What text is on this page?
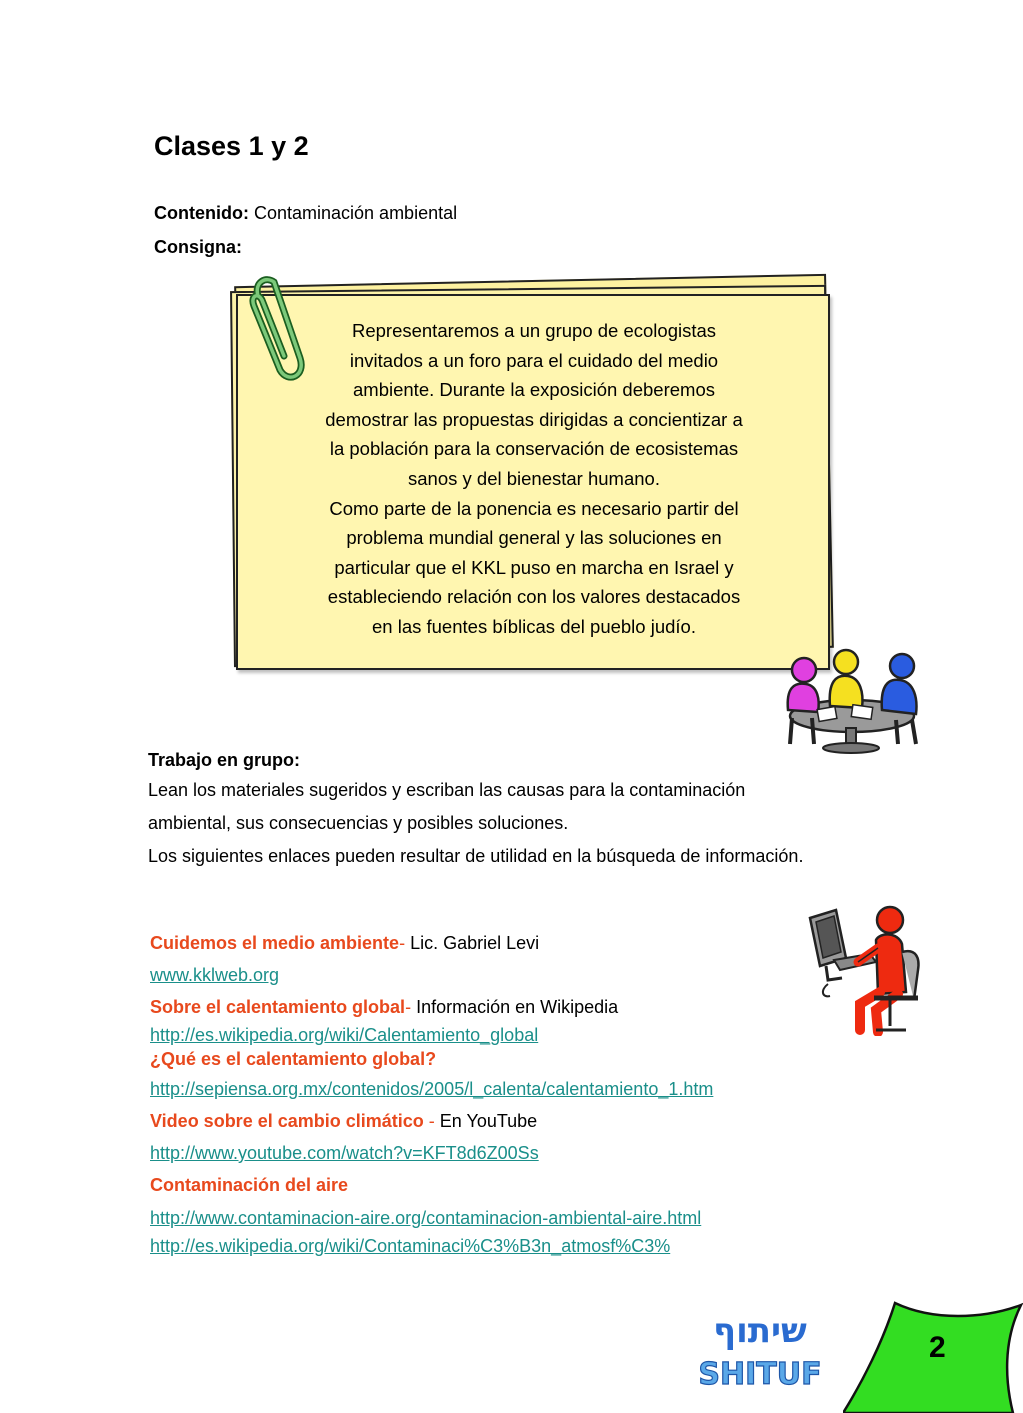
Clases 1 y 2
Contenido: Contaminación ambiental
Consigna:
Representaremos a un grupo de ecologistas
invitados a un foro para el cuidado del medio
ambiente. Durante la exposición deberemos
demostrar las propuestas dirigidas a concientizar a
la población para la conservación de ecosistemas
sanos y del bienestar humano.
Como parte de la ponencia es necesario partir del
problema mundial general y las soluciones en
particular que el KKL puso en marcha en Israel y
estableciendo relación con los valores destacados
en las fuentes bíblicas del pueblo judío.
Trabajo en grupo:
Lean los materiales sugeridos y escriban las causas para la contaminación
ambiental, sus consecuencias y posibles soluciones.
Los siguientes enlaces pueden resultar de utilidad en la búsqueda de información.
Cuidemos el medio ambiente- Lic. Gabriel Levi
www.kklweb.org
Sobre el calentamiento global- Información en Wikipedia
http://es.wikipedia.org/wiki/Calentamiento_global
¿Qué es el calentamiento global?
http://sepiensa.org.mx/contenidos/2005/l_calenta/calentamiento_1.htm
Video sobre el cambio climático - En YouTube
http://www.youtube.com/watch?v=KFT8d6Z00Ss
Contaminación del aire
http://www.contaminacion-aire.org/contaminacion-ambiental-aire.html
http://es.wikipedia.org/wiki/Contaminaci%C3%B3n_atmosf%C3%
שיתוף
SHITUF
2
